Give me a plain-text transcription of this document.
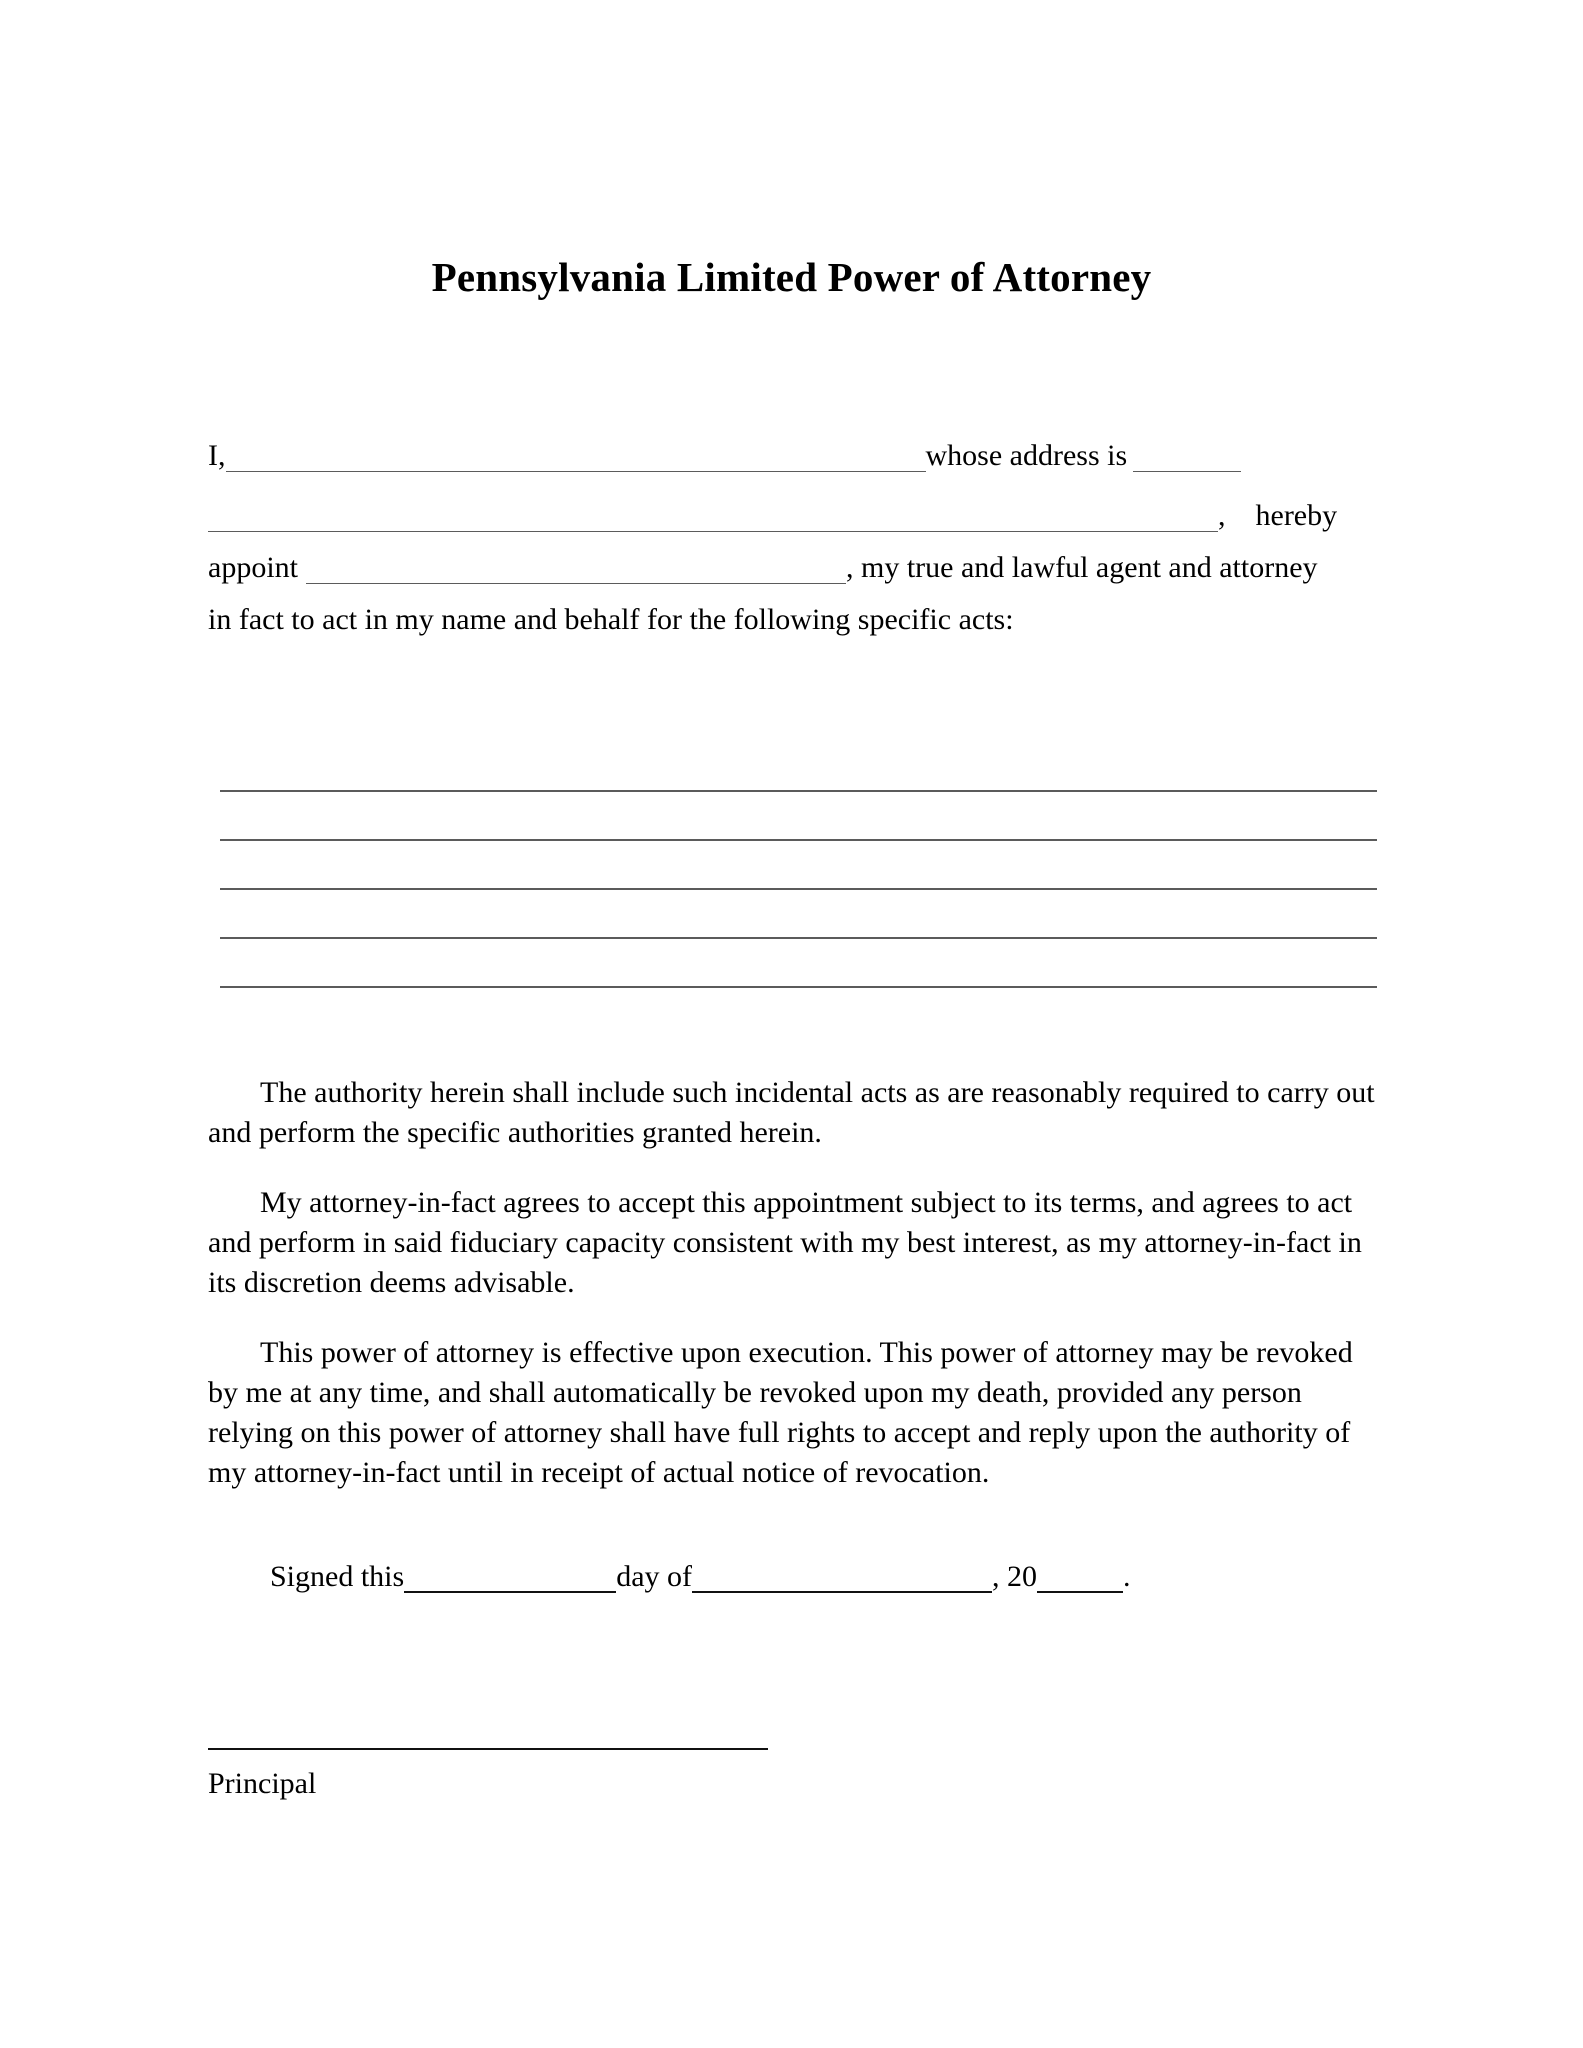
Pennsylvania Limited Power of Attorney
I,	whose address is
, hereby
appoint	, my true and lawful agent and attorney
in fact to act in my name and behalf for the following specific acts:

The authority herein shall include such incidental acts as are reasonably required to carry out and perform the specific authorities granted herein.

My attorney-in-fact agrees to accept this appointment subject to its terms, and agrees to act and perform in said fiduciary capacity consistent with my best interest, as my attorney-in-fact in its discretion deems advisable.

This power of attorney is effective upon execution. This power of attorney may be revoked by me at any time, and shall automatically be revoked upon my death, provided any person relying on this power of attorney shall have full rights to accept and reply upon the authority of my attorney-in-fact until in receipt of actual notice of revocation.

Signed this	day of	, 20	.
Principal
